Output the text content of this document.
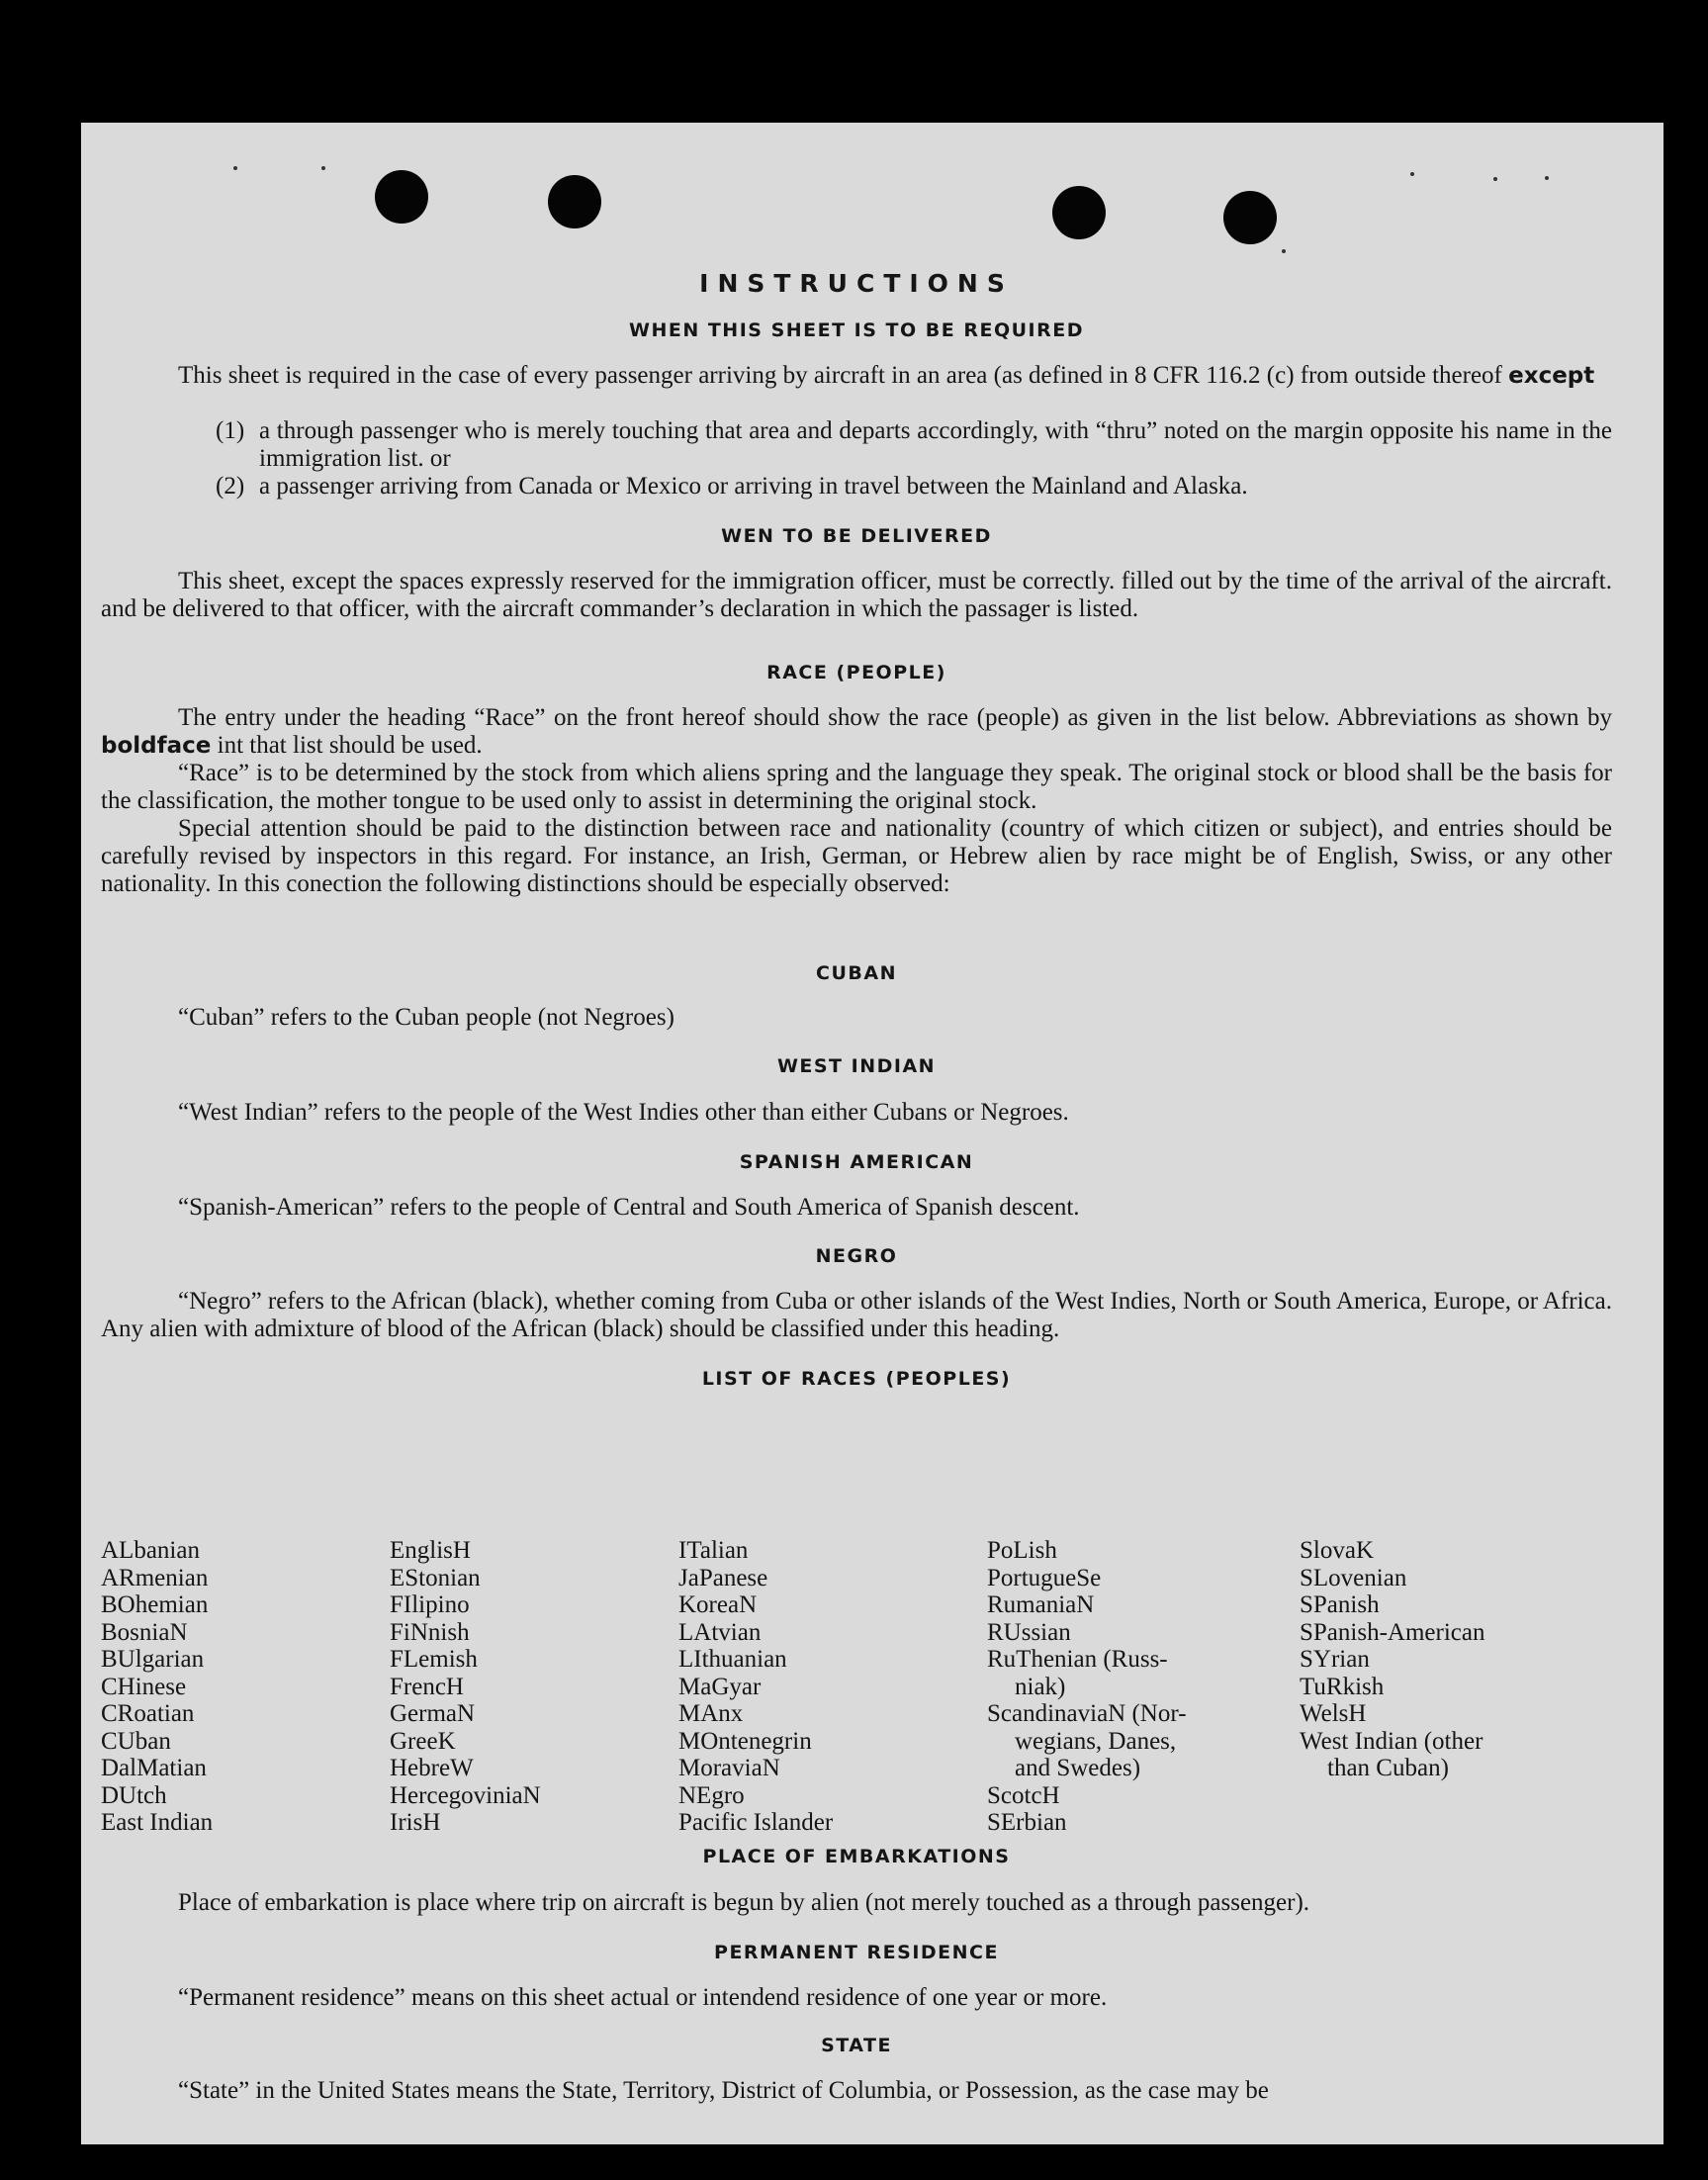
INSTRUCTIONS
WHEN THIS SHEET IS TO BE REQUIRED
This sheet is required in the case of every passenger arriving by aircraft in an area (as defined in 8 CFR 116.2 (c) from outside thereof except
(1) a through passenger who is merely touching that area and departs accordingly, with “thru” noted on the margin opposite his name in the immigration list. or
(2) a passenger arriving from Canada or Mexico or arriving in travel between the Mainland and Alaska.
WEN TO BE DELIVERED
This sheet, except the spaces expressly reserved for the immigration officer, must be correctly. filled out by the time of the arrival of the aircraft. and be delivered to that officer, with the aircraft commander’s declaration in which the passager is listed.
RACE (PEOPLE)

The entry under the heading “Race” on the front hereof should show the race (people) as given in the list below. Abbreviations as shown by boldface int that list should be used.

“Race” is to be determined by the stock from which aliens spring and the language they speak. The original stock or blood shall be the basis for the classification, the mother tongue to be used only to assist in determining the original stock.

Special attention should be paid to the distinction between race and nationality (country of which citizen or subject), and entries should be carefully revised by inspectors in this regard. For instance, an Irish, German, or Hebrew alien by race might be of English, Swiss, or any other nationality. In this conection the following distinctions should be especially observed:

CUBAN
“Cuban” refers to the Cuban people (not Negroes)
WEST INDIAN
“West Indian” refers to the people of the West Indies other than either Cubans or Negroes.
SPANISH AMERICAN
“Spanish-American” refers to the people of Central and South America of Spanish descent.
NEGRO
“Negro” refers to the African (black), whether coming from Cuba or other islands of the West Indies, North or South America, Europe, or Africa. Any alien with admixture of blood of the African (black) should be classified under this heading.
LIST OF RACES (PEOPLES)
ALbanian
ARmenian
BOhemian
BosniaN
BUlgarian
CHinese
CRoatian
CUban
DalMatian
DUtch
East Indian
EnglisH
EStonian
FIlipino
FiNnish
FLemish
FrencH
GermaN
GreeK
HebreW
HercegoviniaN
IrisH
ITalian
JaPanese
KoreaN
LAtvian
LIthuanian
MaGyar
MAnx
MOntenegrin
MoraviaN
NEgro
Pacific Islander
PoLish
PortugueSe
RumaniaN
RUssian
RuThenian (Russ-
niak)
ScandinaviaN (Nor-
wegians, Danes,
and Swedes)
ScotcH
SErbian
SlovaK
SLovenian
SPanish
SPanish-American
SYrian
TuRkish
WelsH
West Indian (other
than Cuban)
PLACE OF EMBARKATIONS
Place of embarkation is place where trip on aircraft is begun by alien (not merely touched as a through passenger).
PERMANENT RESIDENCE
“Permanent residence” means on this sheet actual or intendend residence of one year or more.
STATE
“State” in the United States means the State, Territory, District of Columbia, or Possession, as the case may be
